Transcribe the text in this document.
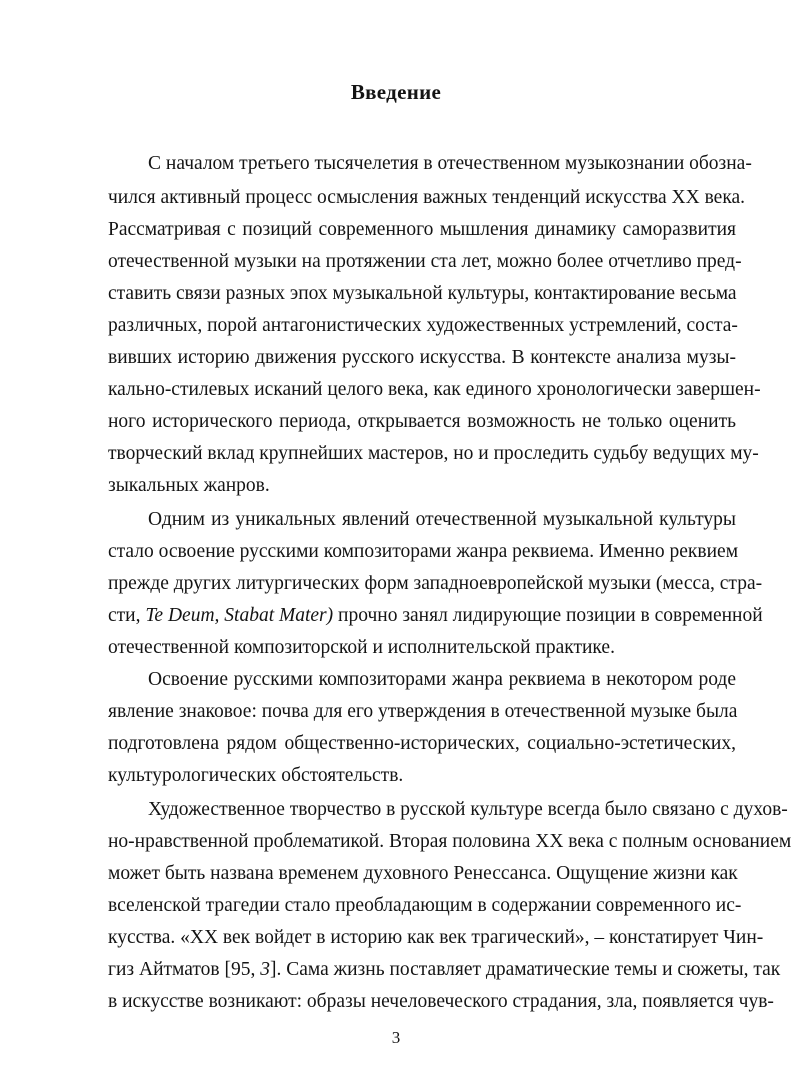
Введение
С началом третьего тысячелетия в отечественном музыкознании обозна-
чился активный процесс осмысления важных тенденций искусства XX века.
Рассматривая с позиций современного мышления динамику саморазвития
отечественной музыки на протяжении ста лет, можно более отчетливо пред-
ставить связи разных эпох музыкальной культуры, контактирование весьма
различных, порой антагонистических художественных устремлений, соста-
вивших историю движения русского искусства. В контексте анализа музы-
кально-стилевых исканий целого века, как единого хронологически завершен-
ного исторического периода, открывается возможность не только оценить
творческий вклад крупнейших мастеров, но и проследить судьбу ведущих му-
зыкальных жанров.
Одним из уникальных явлений отечественной музыкальной культуры
стало освоение русскими композиторами жанра реквиема. Именно реквием
прежде других литургических форм западноевропейской музыки (месса, стра-
сти, Te Deum, Stabat Mater) прочно занял лидирующие позиции в современной
отечественной композиторской и исполнительской практике.
Освоение русскими композиторами жанра реквиема в некотором роде
явление знаковое: почва для его утверждения в отечественной музыке была
подготовлена рядом общественно-исторических, социально-эстетических,
культурологических обстоятельств.
Художественное творчество в русской культуре всегда было связано с духов-
но-нравственной проблематикой. Вторая половина XX века с полным основанием
может быть названа временем духовного Ренессанса. Ощущение жизни как
вселенской трагедии стало преобладающим в содержании современного ис-
кусства. «XX век войдет в историю как век трагический», – констатирует Чин-
гиз Айтматов [95, 3]. Сама жизнь поставляет драматические темы и сюжеты, так
в искусстве возникают: образы нечеловеческого страдания, зла, появляется чув-
3
